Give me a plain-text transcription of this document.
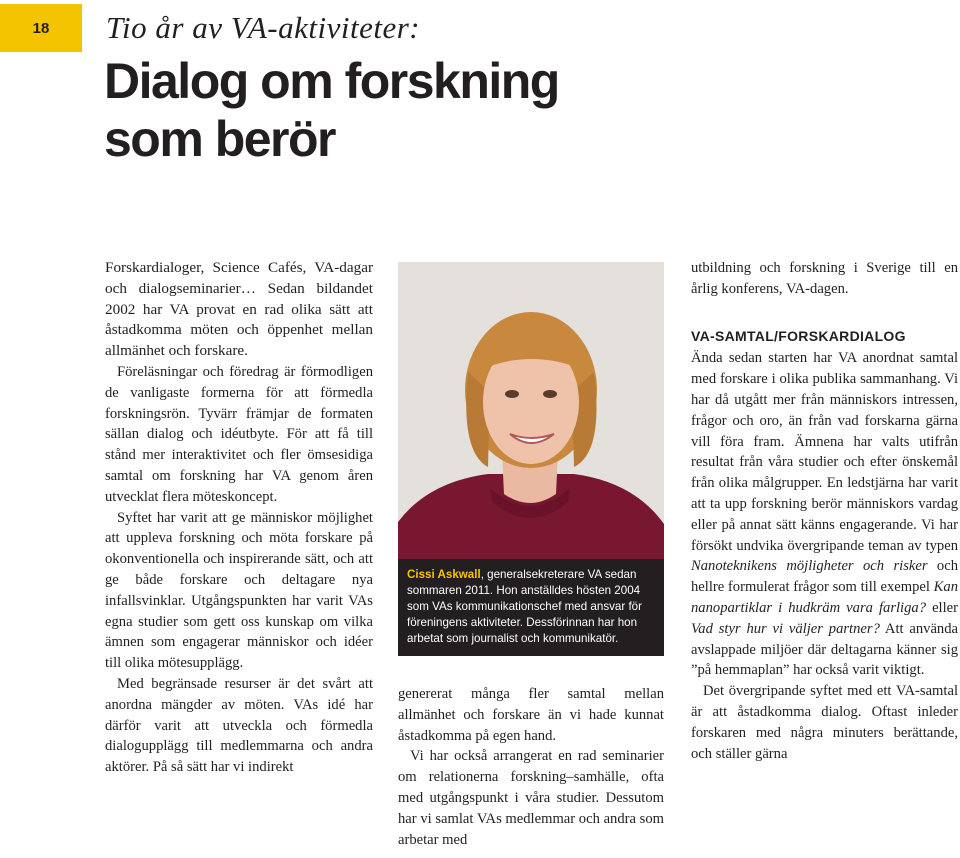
18	Tio år av VA-aktiviteter:
Dialog om forskning
som berör

Forskardialoger, Science Cafés, VA-dagar och dialogseminarier… Sedan bildandet 2002 har VA provat en rad olika sätt att åstadkomma möten och öppenhet mellan allmänhet och forskare.

Föreläsningar och föredrag är förmodligen de vanligaste formerna för att förmedla forskningsrön. Tyvärr främjar de formaten sällan dialog och idéutbyte. För att få till stånd mer interaktivitet och fler ömsesidiga samtal om forskning har VA genom åren utvecklat flera möteskoncept.

Syftet har varit att ge människor möjlighet att uppleva forskning och möta forskare på okonventionella och inspirerande sätt, och att ge både forskare och deltagare nya infallsvinklar. Utgångspunkten har varit VAs egna studier som gett oss kunskap om vilka ämnen som engagerar människor och idéer till olika mötesupplägg.

Med begränsade resurser är det svårt att anordna mängder av möten. VAs idé har därför varit att utveckla och förmedla dialogupplägg till medlemmarna och andra aktörer. På så sätt har vi indirekt

Cissi Askwall, generalsekreterare VA sedan sommaren 2011. Hon anställdes hösten 2004 som VAs kommunikationschef med ansvar för föreningens aktiviteter. Dessförinnan har hon arbetat som journalist och kommunikatör.

genererat många fler samtal mellan allmänhet och forskare än vi hade kunnat åstadkomma på egen hand.

Vi har också arrangerat en rad seminarier om relationerna forskning–samhälle, ofta med utgångspunkt i våra studier. Dessutom har vi samlat VAs medlemmar och andra som arbetar med

utbildning och forskning i Sverige till en årlig konferens, VA-dagen.

VA-SAMTAL/FORSKARDIALOG

Ända sedan starten har VA anordnat samtal med forskare i olika publika sammanhang. Vi har då utgått mer från människors intressen, frågor och oro, än från vad forskarna gärna vill föra fram. Ämnena har valts utifrån resultat från våra studier och efter önskemål från olika målgrupper. En ledstjärna har varit att ta upp forskning berör människors vardag eller på annat sätt känns engagerande. Vi har försökt undvika övergripande teman av typen Nanoteknikens möjligheter och risker och hellre formulerat frågor som till exempel Kan nanopartiklar i hudkräm vara farliga? eller Vad styr hur vi väljer partner? Att använda avslappade miljöer där deltagarna känner sig ”på hemmaplan” har också varit viktigt.

Det övergripande syftet med ett VA-samtal är att åstadkomma dialog. Oftast inleder forskaren med några minuters berättande, och ställer gärna
